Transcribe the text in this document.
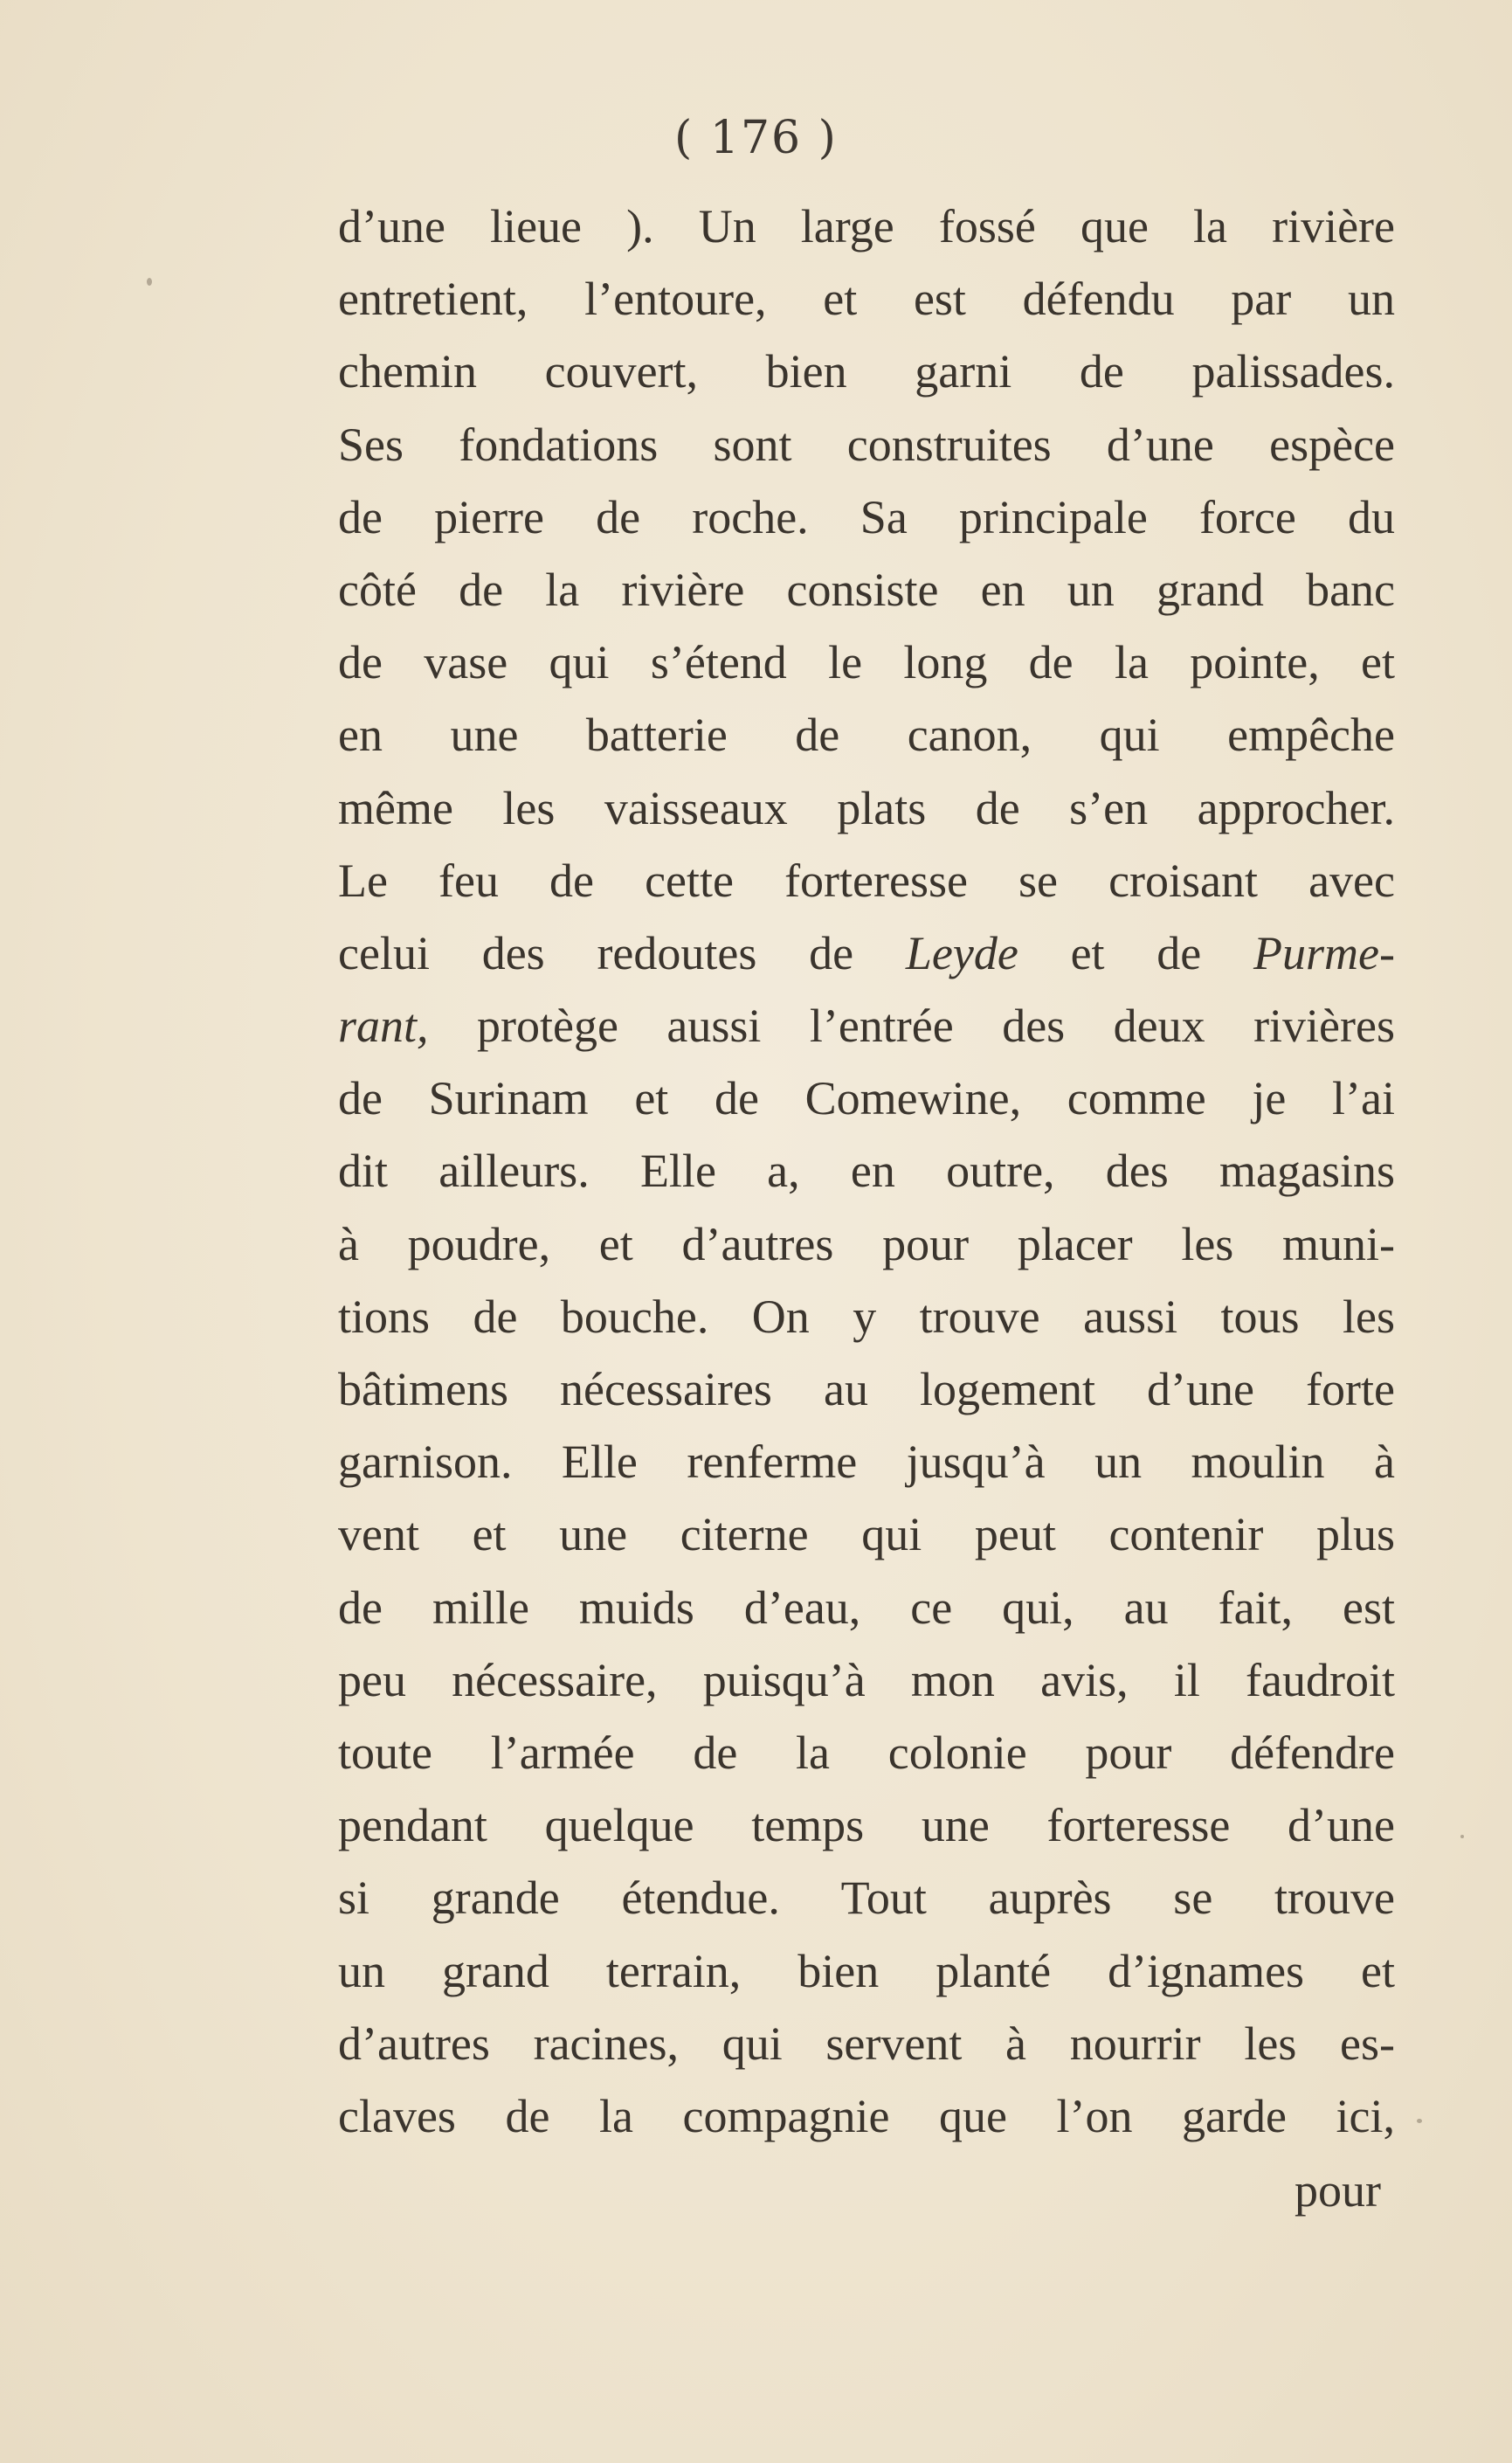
( 176 )
d’une lieue ). Un large fossé que la rivière
entretient, l’entoure, et est défendu par un
chemin couvert, bien garni de palissades.
Ses fondations sont construites d’une espèce
de pierre de roche. Sa principale force du
côté de la rivière consiste en un grand banc
de vase qui s’étend le long de la pointe, et
en une batterie de canon, qui empêche
même les vaisseaux plats de s’en approcher.
Le feu de cette forteresse se croisant avec
celui des redoutes de Leyde et de Purme-
rant, protège aussi l’entrée des deux rivières
de Surinam et de Comewine, comme je l’ai
dit ailleurs. Elle a, en outre, des magasins
à poudre, et d’autres pour placer les muni-
tions de bouche. On y trouve aussi tous les
bâtimens nécessaires au logement d’une forte
garnison. Elle renferme jusqu’à un moulin à
vent et une citerne qui peut contenir plus
de mille muids d’eau, ce qui, au fait, est
peu nécessaire, puisqu’à mon avis, il faudroit
toute l’armée de la colonie pour défendre
pendant quelque temps une forteresse d’une
si grande étendue. Tout auprès se trouve
un grand terrain, bien planté d’ignames et
d’autres racines, qui servent à nourrir les es-
claves de la compagnie que l’on garde ici,
pour
